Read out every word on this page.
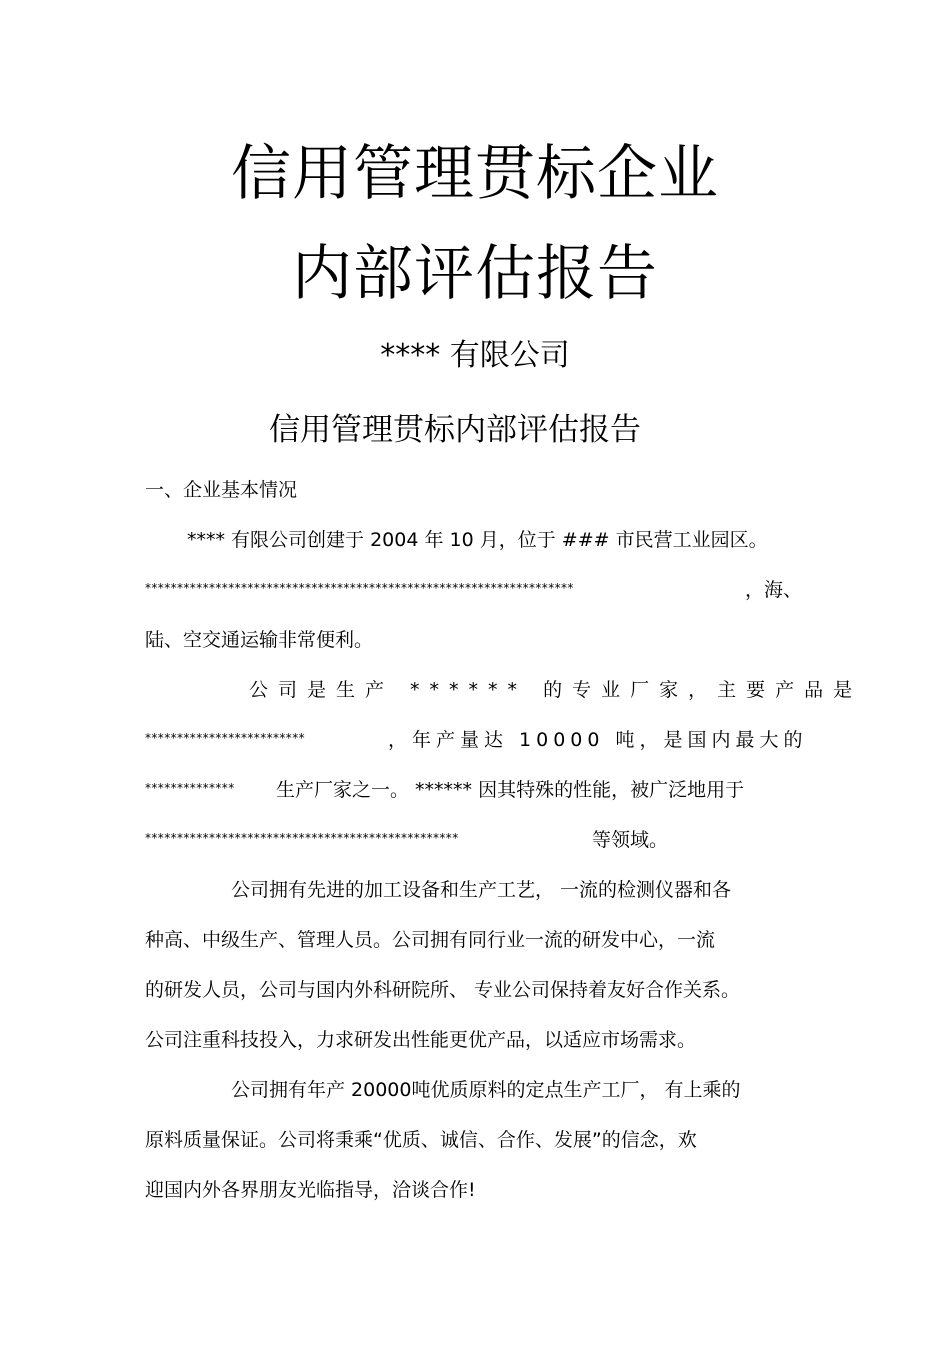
信用管理贯标企业
内部评估报告
**** 有限公司
信用管理贯标内部评估报告
一、企业基本情况
**** 有限公司创建于 2004 年 10 月，位于 ### 市民营工业园区。
*******************************************************************	，海、
陆、空交通运输非常便利。
公司是生产 ****** 的专业厂家，主要产品是
*************************	，年产量达 10000 吨，是国内最大的
************** 生产厂家之一。 ****** 因其特殊的性能，被广泛地用于
*************************************************	等领域。
公司拥有先进的加工设备和生产工艺， 一流的检测仪器和各
种高、中级生产、管理人员。公司拥有同行业一流的研发中心，一流
的研发人员，公司与国内外科研院所、 专业公司保持着友好合作关系。
公司注重科技投入，力求研发出性能更优产品，以适应市场需求。
公司拥有年产 20000吨优质原料的定点生产工厂， 有上乘的
原料质量保证。公司将秉乘“优质、诚信、合作、发展”的信念，欢
迎国内外各界朋友光临指导，洽谈合作!
